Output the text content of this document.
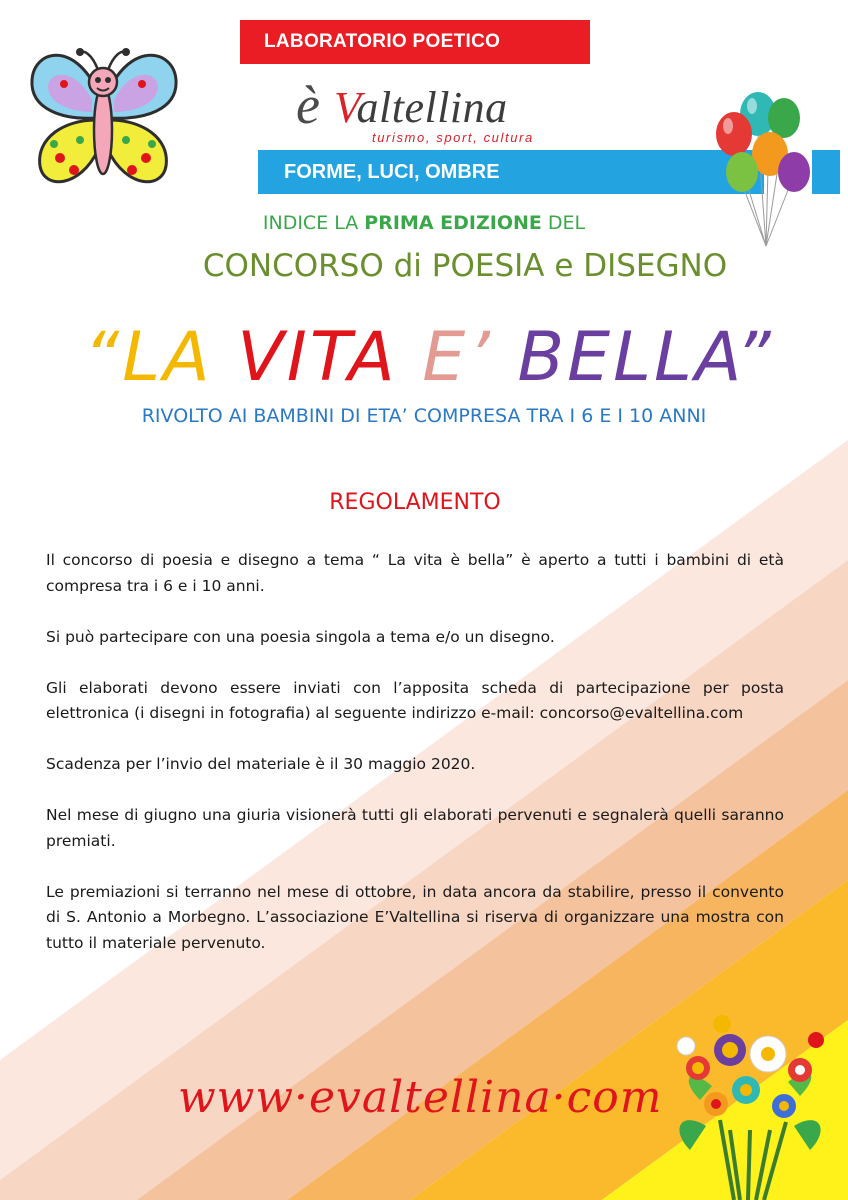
LABORATORIO POETICO
è Valtellina
turismo, sport, cultura
FORME, LUCI, OMBRE
INDICE LA PRIMA EDIZIONE DEL
CONCORSO di POESIA e DISEGNO
“LA VITA E’ BELLA”
RIVOLTO AI BAMBINI DI ETA’ COMPRESA TRA I 6 E I 10 ANNI
REGOLAMENTO

Il concorso di poesia e disegno a tema “ La vita è bella” è aperto a tutti i bambini di età compresa tra i 6 e i 10 anni.

Si può partecipare con una poesia singola a tema e/o un disegno.

Gli elaborati devono essere inviati con l’apposita scheda di partecipazione per posta elettronica (i disegni in fotografia) al seguente indirizzo e-mail: concorso@evaltellina.com

Scadenza per l’invio del materiale è il 30 maggio 2020.

Nel mese di giugno una giuria visionerà tutti gli elaborati pervenuti e segnalerà quelli saranno premiati.

Le premiazioni si terranno nel mese di ottobre, in data ancora da stabilire, presso il convento di S. Antonio a Morbegno. L’associazione E’Valtellina si riserva di organizzare una mostra con tutto il materiale pervenuto.

www·evaltellina·com
